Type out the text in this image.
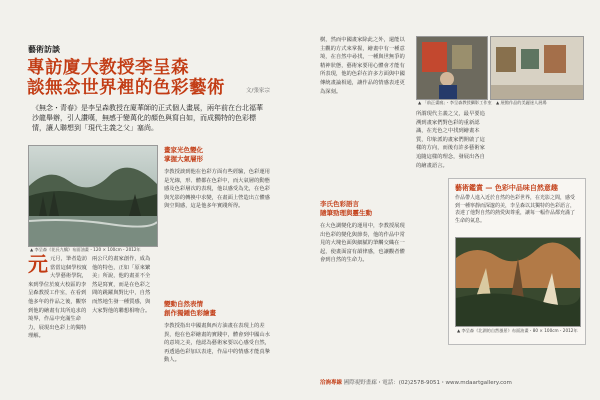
藝術訪談
專訪廈大教授李呈森
談無念世界裡的色彩藝術	文/張家宗
《無念・青春》是李呈森教授在廈華師的正式個人畫展，兩年前在台北福華沙龍舉辦，引人讚嘆，無感于變萬化的顏色與寫自如，而成獨特的色彩標情，讓人聯想到「現代主義之父」塞尚。
▲ 李呈森《花長九鶴》布面油畫・120 × 100cm・2012年

元元月，筆者造訪當當這個學校廈大學藝術學院，來到學位於廈大校區的李呈森教授工作室，在看到他多年的作品之後，觀察到他的繪畫有其所追求的境界，作品中充滿生命力，展現出色彩上的獨特理解。

兩公尺的畫家創作，成為他的特色，正如「原來繁美」所說，他的畫並不全然是寫實，而是在色彩之間的跳躍與對比中，自然而然地生發一種質感，與大家對他的聯想相吻合。

畫家光色變化
掌握大氣層形

李教授談到他在色彩方面有些經驗，色彩運用是光線，形、體都在色彩中，而大氣層的動態感及色彩層次的表現，他以感受為先，在色彩與光影的轉換中求變，在畫面上營造出立體感與空間感，這是他多年實踐所得。

變動自然表情
創作獨鍾色彩繪畫

李教授指出中國畫與西方油畫在表現上的差異，他在色彩繪畫的實踐中，體會到中國山水的意境之美，他認為藝術家要以心感受自然，再透過色彩加以表達，作品中的情感才能真摯動人。

樹，然而中國畫家除此之外，還能以主觀的方式來掌握，繪畫中有一種意境，在自然中尋找，一種與世無爭的精神狀態，藝術家要用心體會才能有所表現，他的色彩在許多方面與中國傳統畫論相通，讓作品的情感表達更為深刻。

▲ 「前正畫廊」・李呈森教授攝影工作室	▲ 展館作品的美麗迷人展場

所謂現代主義之父，最早要追溯到畫家們對色彩的重新認識，在光色之中找到繪畫本質，印象派的畫家們開啟了這樣的方向，而後有許多藝術家追隨這樣的理念，發展出各自的繪畫語言。

李氏色彩語言
隨筆勁理與靈生動

在大色調變化的運用中，李教授展現出色彩的變化與節奏，他的作品中常見的大塊色面與細膩的筆觸交織在一起，使畫面富有韻律感，也讓觀者體會到自然的生命力。

藝術鑑賞 — 色彩中品味自然意趣
作品帶人進入近於自然的色彩世界，在光影之間，感受到一種寧靜而深邃的美，李呈森以其獨特的色彩語言，表達了他對自然的熱愛與尊重，讓每一幅作品都充滿了生命的氣息。
▲ 李呈森《北湖的自然風景》布面油畫・80 × 100cm・2012年
洽詢專線 國際視野畫廊・電話：(02)2578-9051・www.mdaartgallery.com
